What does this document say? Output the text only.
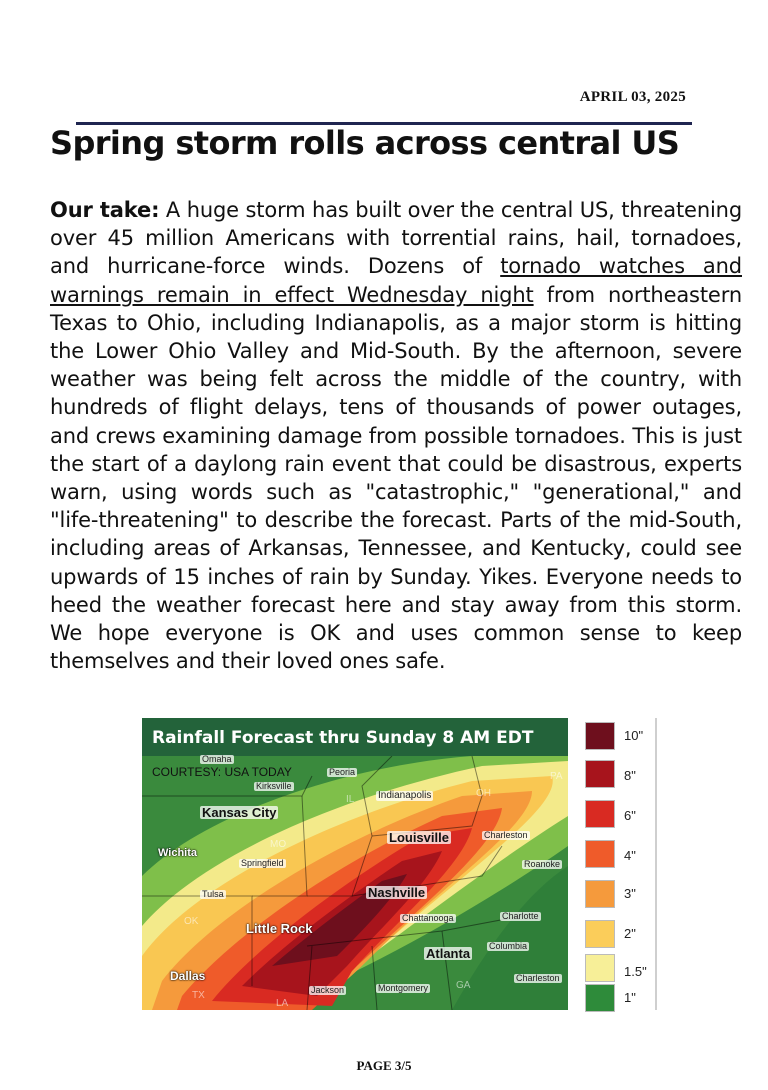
APRIL 03, 2025
Spring storm rolls across central US

Our take: A huge storm has built over the central US, threatening over 45 million Americans with torrential rains, hail, tornadoes, and hurricane-force winds. Dozens of tornado watches and warnings remain in effect Wednesday night from northeastern Texas to Ohio, including Indianapolis, as a major storm is hitting the Lower Ohio Valley and Mid-South. By the afternoon, severe weather was being felt across the middle of the country, with hundreds of flight delays, tens of thousands of power outages, and crews examining damage from possible tornadoes. This is just the start of a daylong rain event that could be disastrous, experts warn, using words such as "catastrophic," "generational," and "life-threatening" to describe the forecast. Parts of the mid-South, including areas of Arkansas, Tennessee, and Kentucky, could see upwards of 15 inches of rain by Sunday. Yikes. Everyone needs to heed the weather forecast here and stay away from this storm. We hope everyone is OK and uses common sense to keep themselves and their loved ones safe.

Rainfall Forecast thru Sunday 8 AM EDT
COURTESY: USA TODAY
Omaha
Peoria
Kirksville
Kansas City
Indianapolis
Wichita
Springfield
Louisville	Charleston
Roanoke
Tulsa	Nashville
Chattanooga	Charlotte
Little Rock
Columbia
Atlanta
Dallas
Jackson	Montgomery
Charleston
PA
IL
OH
MO
OK
GA
TX
LA
10"
8"
6"
4"
3"
2"
1.5"
1"
PAGE 3/5
